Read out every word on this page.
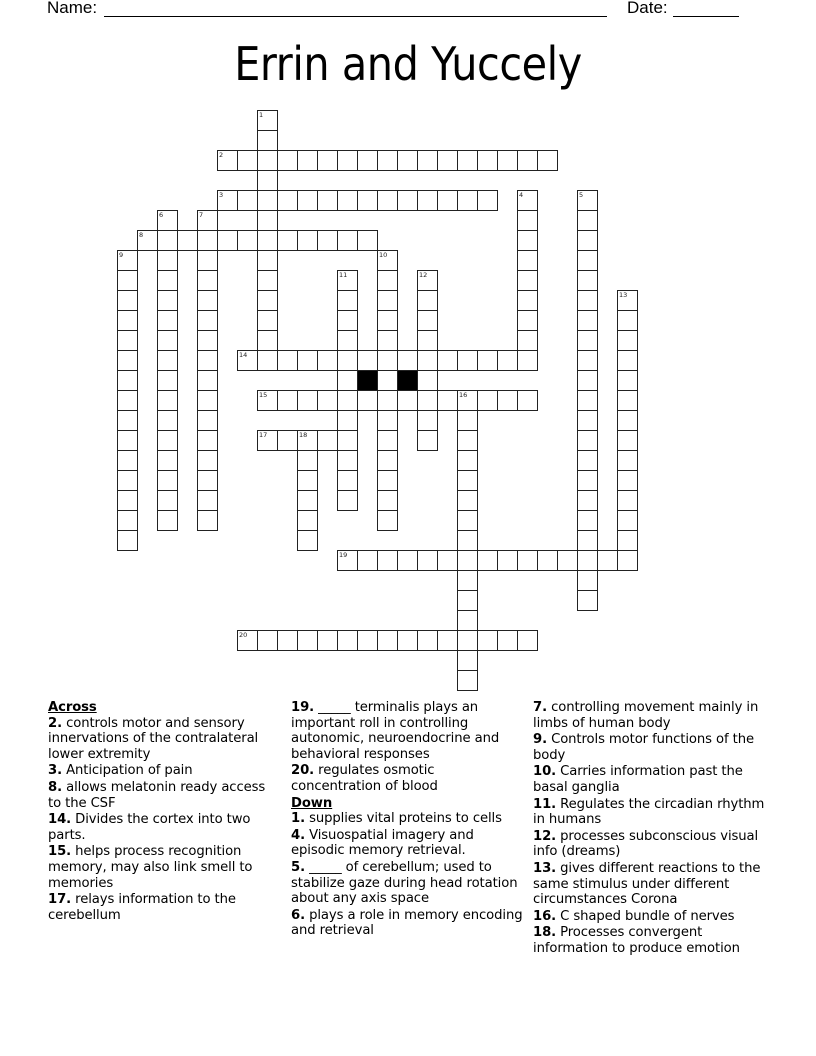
Name:	Date:
Errin and Yuccely
1
2
3	4	5
6	7
8
9	10
11	12
13
14
15	16
17	18
19
20
Across
2. controls motor and sensory innervations of the contralateral lower extremity
3. Anticipation of pain
8. allows melatonin ready access to the CSF
14. Divides the cortex into two parts.
15. helps process recognition memory, may also link smell to memories
17. relays information to the cerebellum
19. _____ terminalis plays an important roll in controlling autonomic, neuroendocrine and behavioral responses
20. regulates osmotic concentration of blood
Down
1. supplies vital proteins to cells
4. Visuospatial imagery and episodic memory retrieval.
5. _____ of cerebellum; used to stabilize gaze during head rotation about any axis space
6. plays a role in memory encoding and retrieval
7. controlling movement mainly in limbs of human body
9. Controls motor functions of the body
10. Carries information past the basal ganglia
11. Regulates the circadian rhythm in humans
12. processes subconscious visual info (dreams)
13. gives different reactions to the same stimulus under different circumstances Corona
16. C shaped bundle of nerves
18. Processes convergent information to produce emotion
